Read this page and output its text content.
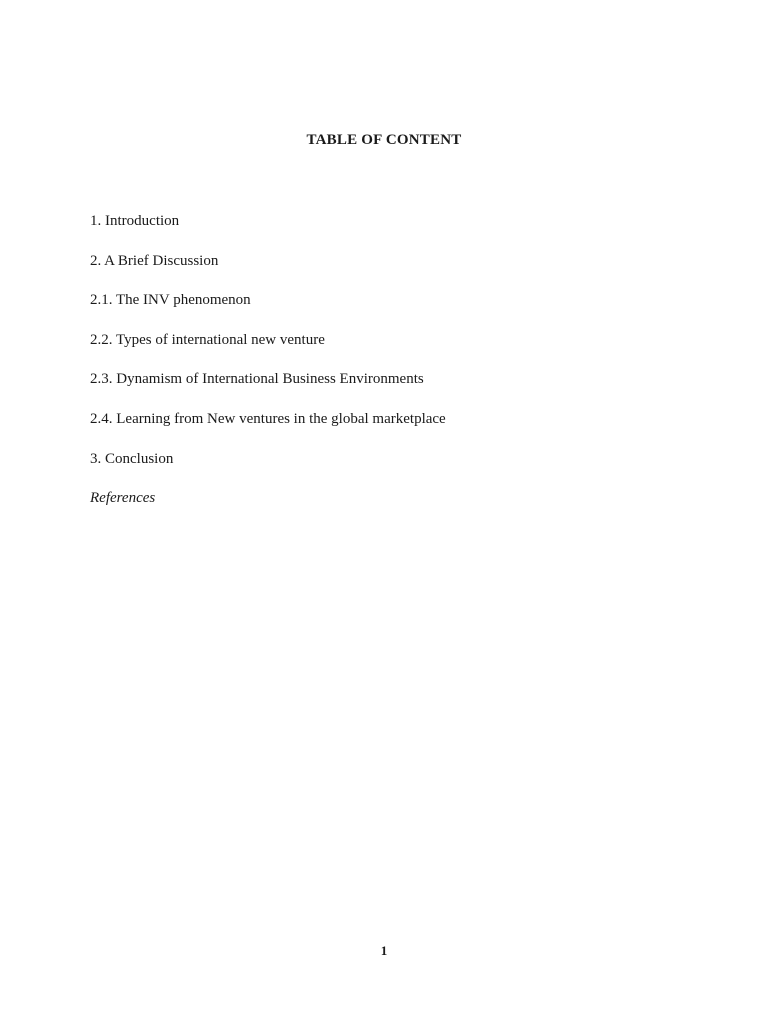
TABLE OF CONTENT
1. Introduction
2. A Brief Discussion
2.1. The INV phenomenon
2.2. Types of international new venture
2.3. Dynamism of International Business Environments
2.4. Learning from New ventures in the global marketplace
3. Conclusion
References
1
